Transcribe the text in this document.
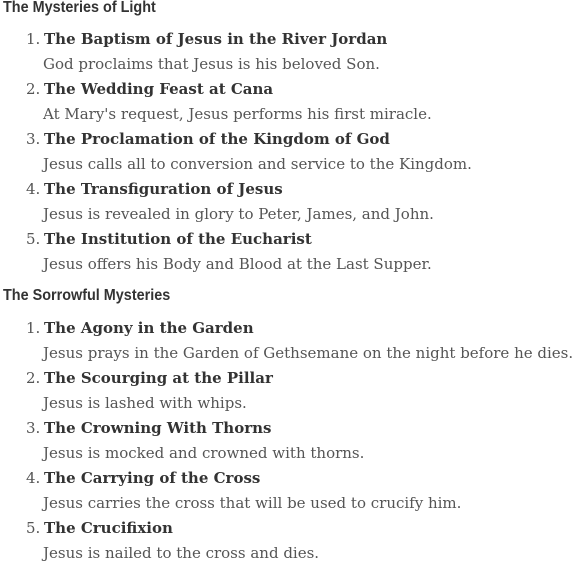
The Mysteries of Light
1. The Baptism of Jesus in the River Jordan
God proclaims that Jesus is his beloved Son.
2. The Wedding Feast at Cana
At Mary's request, Jesus performs his first miracle.
3. The Proclamation of the Kingdom of God
Jesus calls all to conversion and service to the Kingdom.
4. The Transfiguration of Jesus
Jesus is revealed in glory to Peter, James, and John.
5. The Institution of the Eucharist
Jesus offers his Body and Blood at the Last Supper.
The Sorrowful Mysteries
1. The Agony in the Garden
Jesus prays in the Garden of Gethsemane on the night before he dies.
2. The Scourging at the Pillar
Jesus is lashed with whips.
3. The Crowning With Thorns
Jesus is mocked and crowned with thorns.
4. The Carrying of the Cross
Jesus carries the cross that will be used to crucify him.
5. The Crucifixion
Jesus is nailed to the cross and dies.
